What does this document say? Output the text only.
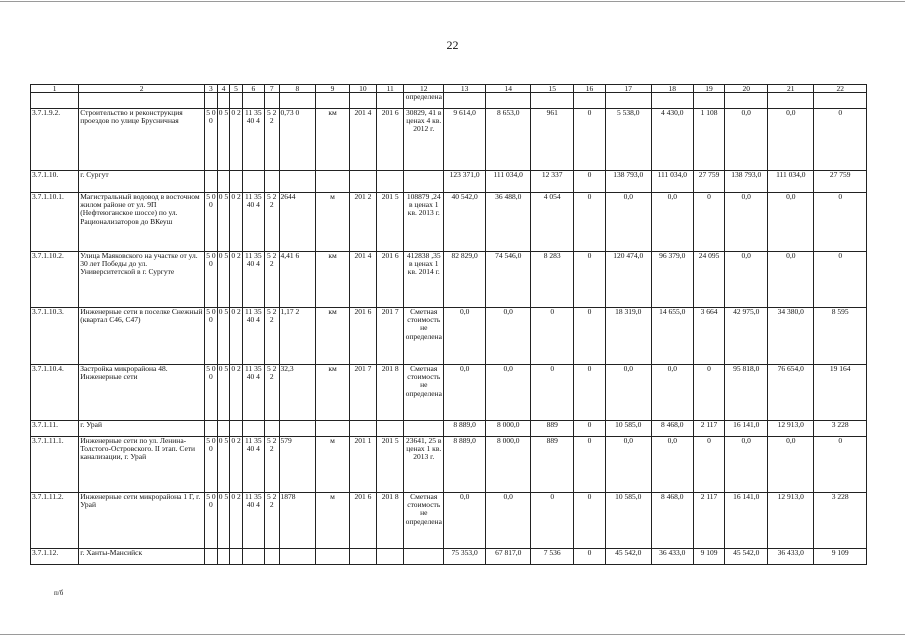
22
1	2	3	4	5	6	7	8	9	10	11	12	13	14	15	16	17	18	19	20	21	22
											определена										
3.7.1.9.2.	Строительство и реконструкция проездов по улице Брусничная	5 0 0	0 5	0 2	11 35 40 4	5 2 2	0,73 0	км	201 4	201 6	30829, 41 в ценах 4 кв. 2012 г.	9 614,0	8 653,0	961	0	5 538,0	4 430,0	1 108	0,0	0,0	0
3.7.1.10.	г. Сургут											123 371,0	111 034,0	12 337	0	138 793,0	111 034,0	27 759	138 793,0	111 034,0	27 759
3.7.1.10.1.	Магистральный водовод в восточном жилом районе от ул. 9П (Нефтеюганское шоссе) по ул. Рационализаторов до ВКеуш	5 0 0	0 5	0 2	11 35 40 4	5 2 2	2644	м	201 2	201 5	108879 ,24 в ценах 1 кв. 2013 г.	40 542,0	36 488,0	4 054	0	0,0	0,0	0	0,0	0,0	0
3.7.1.10.2.	Улица Маяковского на участке от ул. 30 лет Победы до ул. Университетской в г. Сургуте	5 0 0	0 5	0 2	11 35 40 4	5 2 2	4,41 6	км	201 4	201 6	412838 ,35 в ценах 1 кв. 2014 г.	82 829,0	74 546,0	8 283	0	120 474,0	96 379,0	24 095	0,0	0,0	0
3.7.1.10.3.	Инженерные сети в поселке Снежный (квартал С46, С47)	5 0 0	0 5	0 2	11 35 40 4	5 2 2	1,17 2	км	201 6	201 7	Сметная стоимость не определена	0,0	0,0	0	0	18 319,0	14 655,0	3 664	42 975,0	34 380,0	8 595
3.7.1.10.4.	Застройка микрорайона 48. Инженерные сети	5 0 0	0 5	0 2	11 35 40 4	5 2 2	32,3	км	201 7	201 8	Сметная стоимость не определена	0,0	0,0	0	0	0,0	0,0	0	95 818,0	76 654,0	19 164
3.7.1.11.	г. Урай											8 889,0	8 000,0	889	0	10 585,0	8 468,0	2 117	16 141,0	12 913,0	3 228
3.7.1.11.1.	Инженерные сети по ул. Ленина-Толстого-Островского. II этап. Сети канализации, г. Урай	5 0 0	0 5	0 2	11 35 40 4	5 2 2	579	м	201 1	201 5	23641, 25 в ценах 1 кв. 2013 г.	8 889,0	8 000,0	889	0	0,0	0,0	0	0,0	0,0	0
3.7.1.11.2.	Инженерные сети микрорайона 1 Г, г. Урай	5 0 0	0 5	0 2	11 35 40 4	5 2 2	1878	м	201 6	201 8	Сметная стоимость не определена	0,0	0,0	0	0	10 585,0	8 468,0	2 117	16 141,0	12 913,0	3 228
3.7.1.12.	г. Ханты-Мансийск											75 353,0	67 817,0	7 536	0	45 542,0	36 433,0	9 109	45 542,0	36 433,0	9 109
п/б
